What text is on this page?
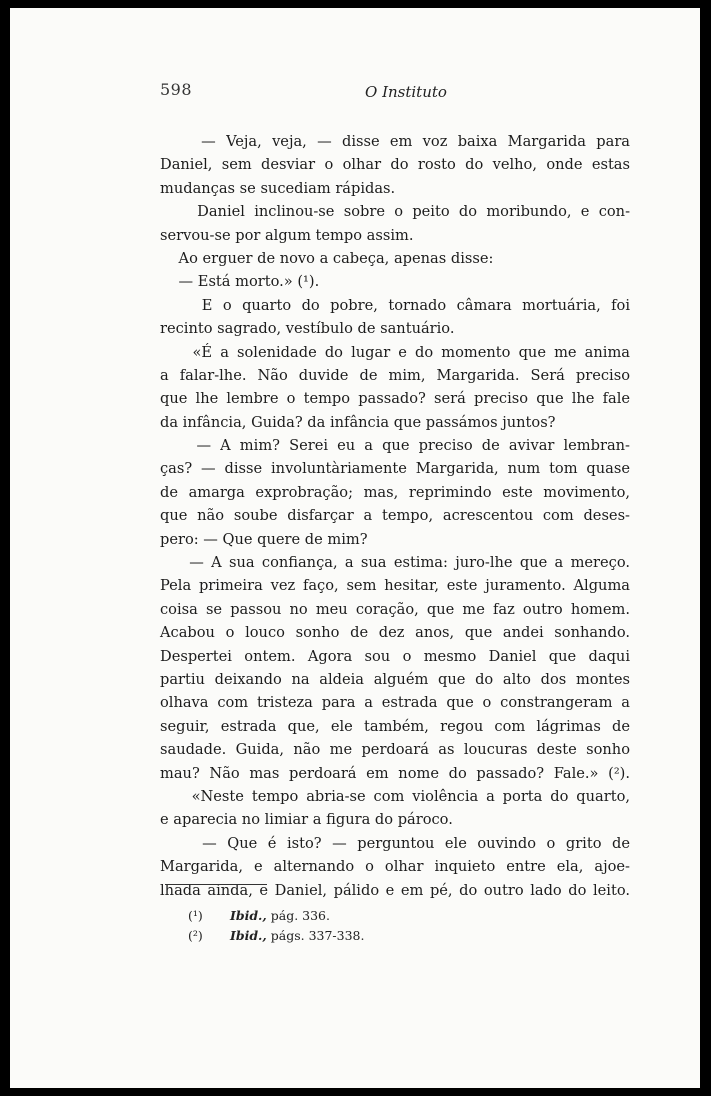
598	O Instituto
— Veja, veja, — disse em voz baixa Margarida para
Daniel, sem desviar o olhar do rosto do velho, onde estas
mudanças se sucediam rápidas.
Daniel inclinou-se sobre o peito do moribundo, e con-
servou-se por algum tempo assim.
Ao erguer de novo a cabeça, apenas disse:
— Está morto.» (¹).
E o quarto do pobre, tornado câmara mortuária, foi
recinto sagrado, vestíbulo de santuário.
«É a solenidade do lugar e do momento que me anima
a falar-lhe. Não duvide de mim, Margarida. Será preciso
que lhe lembre o tempo passado? será preciso que lhe fale
da infância, Guida? da infância que passámos juntos?
— A mim? Serei eu a que preciso de avivar lembran-
ças? — disse involuntàriamente Margarida, num tom quase
de amarga exprobração; mas, reprimindo este movimento,
que não soube disfarçar a tempo, acrescentou com deses-
pero: — Que quere de mim?
— A sua confiança, a sua estima: juro-lhe que a mereço.
Pela primeira vez faço, sem hesitar, este juramento. Alguma
coisa se passou no meu coração, que me faz outro homem.
Acabou o louco sonho de dez anos, que andei sonhando.
Despertei ontem. Agora sou o mesmo Daniel que daqui
partiu deixando na aldeia alguém que do alto dos montes
olhava com tristeza para a estrada que o constrangeram a
seguir, estrada que, ele também, regou com lágrimas de
saudade. Guida, não me perdoará as loucuras deste sonho
mau? Não mas perdoará em nome do passado? Fale.» (²).
«Neste tempo abria-se com violência a porta do quarto,
e aparecia no limiar a figura do pároco.
— Que é isto? — perguntou ele ouvindo o grito de
Margarida, e alternando o olhar inquieto entre ela, ajoe-
lhada ainda, e Daniel, pálido e em pé, do outro lado do leito.
(¹) Ibid., pág. 336.
(²) Ibid., págs. 337-338.
